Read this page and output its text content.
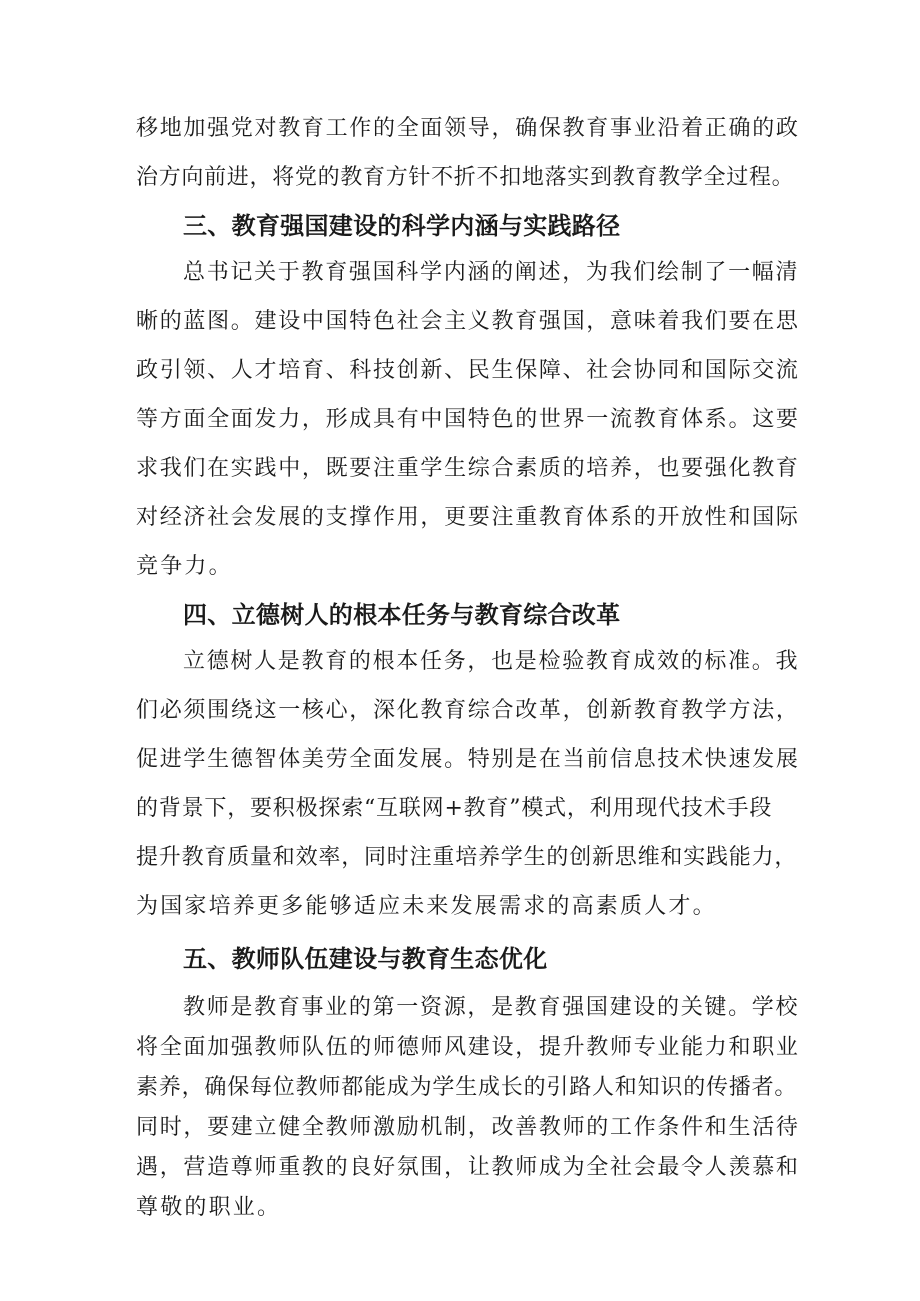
移地加强党对教育工作的全面领导，确保教育事业沿着正确的政

治方向前进，将党的教育方针不折不扣地落实到教育教学全过程。

三、教育强国建设的科学内涵与实践路径

总书记关于教育强国科学内涵的阐述，为我们绘制了一幅清

晰的蓝图。建设中国特色社会主义教育强国，意味着我们要在思

政引领、人才培育、科技创新、民生保障、社会协同和国际交流

等方面全面发力，形成具有中国特色的世界一流教育体系。这要

求我们在实践中，既要注重学生综合素质的培养，也要强化教育

对经济社会发展的支撑作用，更要注重教育体系的开放性和国际

竞争力。

四、立德树人的根本任务与教育综合改革

立德树人是教育的根本任务，也是检验教育成效的标准。我

们必须围绕这一核心，深化教育综合改革，创新教育教学方法，

促进学生德智体美劳全面发展。特别是在当前信息技术快速发展

的背景下，要积极探索“互联网+教育”模式，利用现代技术手段

提升教育质量和效率，同时注重培养学生的创新思维和实践能力，

为国家培养更多能够适应未来发展需求的高素质人才。

五、教师队伍建设与教育生态优化

教师是教育事业的第一资源，是教育强国建设的关键。学校

将全面加强教师队伍的师德师风建设，提升教师专业能力和职业

素养，确保每位教师都能成为学生成长的引路人和知识的传播者。

同时，要建立健全教师激励机制，改善教师的工作条件和生活待

遇，营造尊师重教的良好氛围，让教师成为全社会最令人羡慕和

尊敬的职业。
